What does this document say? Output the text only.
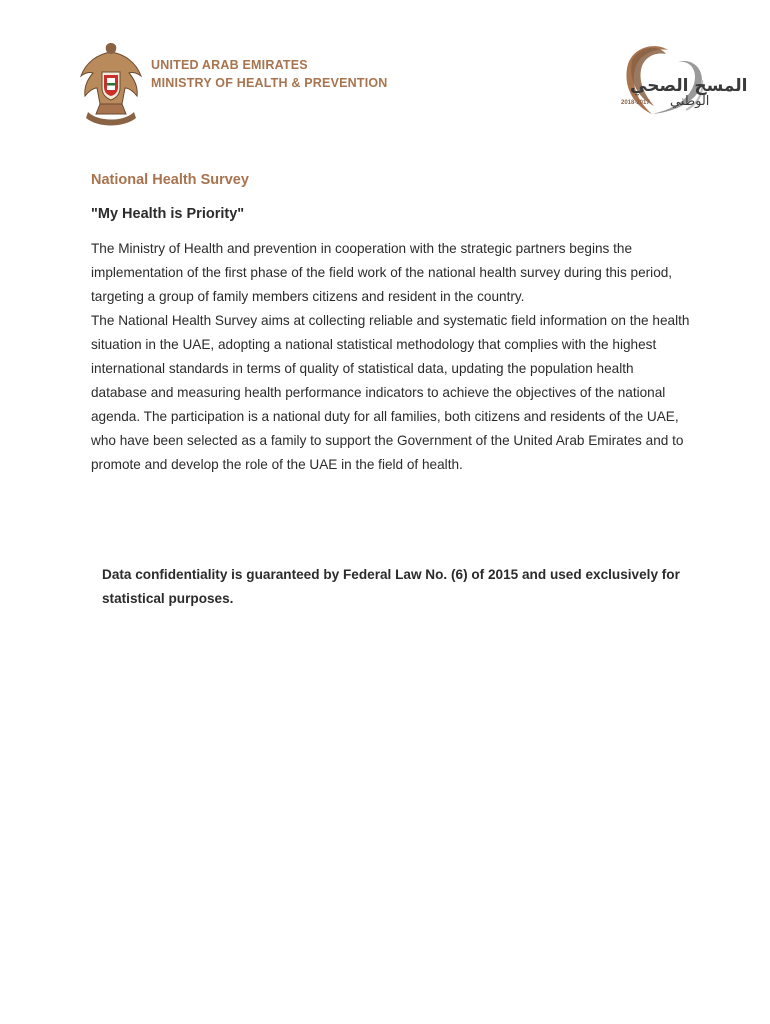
UNITED ARAB EMIRATES
MINISTRY OF HEALTH & PREVENTION	المسح الصحي
الوطني
2018-2017
National Health Survey
"My Health is Priority"

The Ministry of Health and prevention in cooperation with the strategic partners begins the implementation of the first phase of the field work of the national health survey during this period, targeting a group of family members citizens and resident in the country.

The National Health Survey aims at collecting reliable and systematic field information on the health situation in the UAE, adopting a national statistical methodology that complies with the highest international standards in terms of quality of statistical data, updating the population health database and measuring health performance indicators to achieve the objectives of the national agenda. The participation is a national duty for all families, both citizens and residents of the UAE, who have been selected as a family to support the Government of the United Arab Emirates and to promote and develop the role of the UAE in the field of health.

Data confidentiality is guaranteed by Federal Law No. (6) of 2015 and used exclusively for statistical purposes.
